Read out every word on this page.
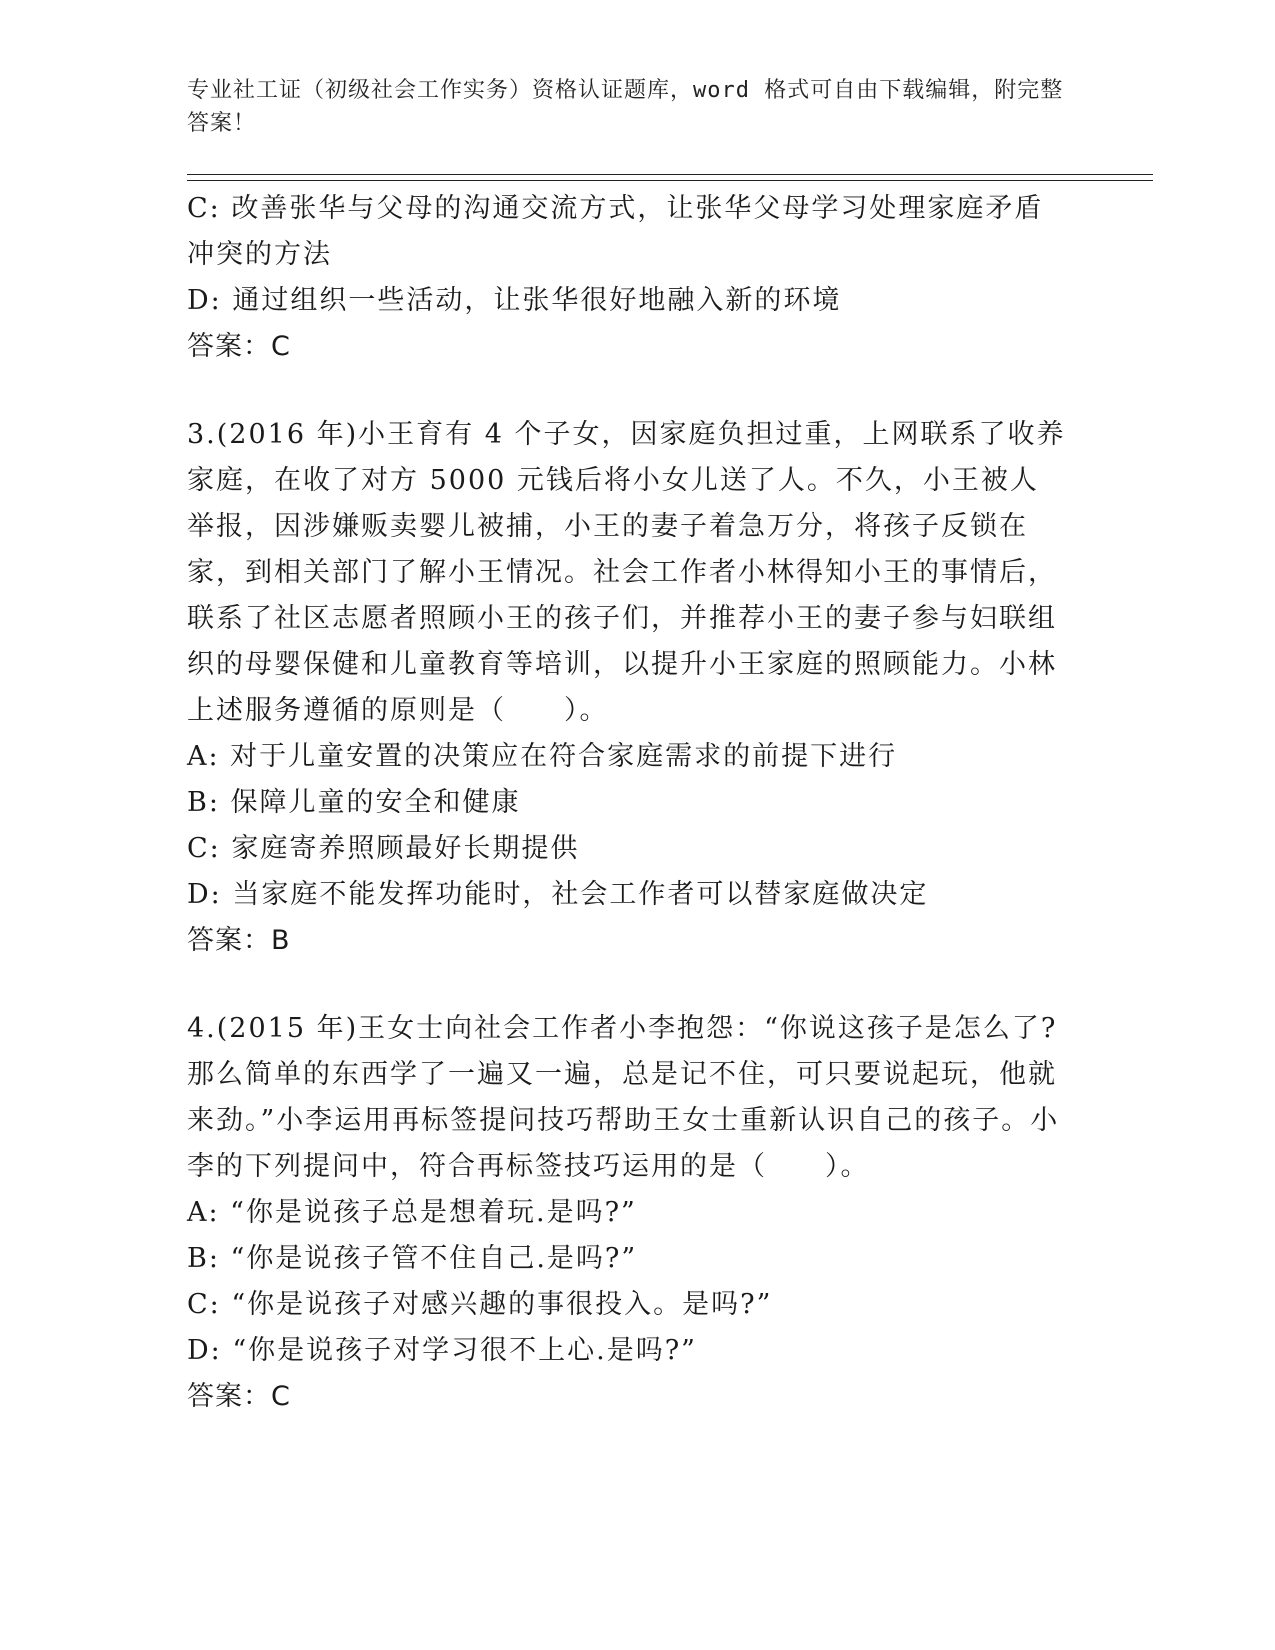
专业社工证（初级社会工作实务）资格认证题库，word 格式可自由下载编辑，附完整答案！

C: 改善张华与父母的沟通交流方式，让张华父母学习处理家庭矛盾冲突的方法

D: 通过组织一些活动，让张华很好地融入新的环境

答案：C

3.(2016 年)小王育有 4 个子女，因家庭负担过重，上网联系了收养家庭，在收了对方 5000 元钱后将小女儿送了人。不久，小王被人举报，因涉嫌贩卖婴儿被捕，小王的妻子着急万分，将孩子反锁在家，到相关部门了解小王情况。社会工作者小林得知小王的事情后，联系了社区志愿者照顾小王的孩子们，并推荐小王的妻子参与妇联组织的母婴保健和儿童教育等培训，以提升小王家庭的照顾能力。小林上述服务遵循的原则是（　　）。

A: 对于儿童安置的决策应在符合家庭需求的前提下进行

B: 保障儿童的安全和健康

C: 家庭寄养照顾最好长期提供

D: 当家庭不能发挥功能时，社会工作者可以替家庭做决定

答案：B

4.(2015 年)王女士向社会工作者小李抱怨：“你说这孩子是怎么了?那么简单的东西学了一遍又一遍，总是记不住，可只要说起玩，他就来劲。”小李运用再标签提问技巧帮助王女士重新认识自己的孩子。小李的下列提问中，符合再标签技巧运用的是（　　）。

A: “你是说孩子总是想着玩.是吗?”

B: “你是说孩子管不住自己.是吗?”

C: “你是说孩子对感兴趣的事很投入。是吗?”

D: “你是说孩子对学习很不上心.是吗?”

答案：C
